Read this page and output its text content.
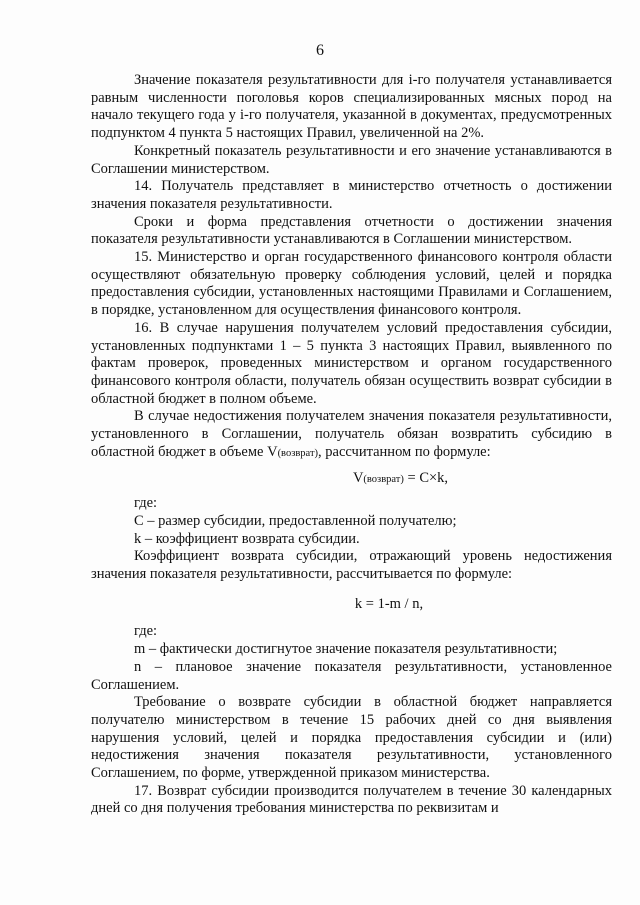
6

Значение показателя результативности для i-го получателя устанавливается равным численности поголовья коров специализированных мясных пород на начало текущего года у i-го получателя, указанной в документах, предусмотренных подпунктом 4 пункта 5 настоящих Правил, увеличенной на 2%.

Конкретный показатель результативности и его значение устанавливаются в Соглашении министерством.

14. Получатель представляет в министерство отчетность о достижении значения показателя результативности.

Сроки и форма представления отчетности о достижении значения показателя результативности устанавливаются в Соглашении министерством.

15. Министерство и орган государственного финансового контроля области осуществляют обязательную проверку соблюдения условий, целей и порядка предоставления субсидии, установленных настоящими Правилами и Соглашением, в порядке, установленном для осуществления финансового контроля.

16. В случае нарушения получателем условий предоставления субсидии, установленных подпунктами 1 – 5 пункта 3 настоящих Правил, выявленного по фактам проверок, проведенных министерством и органом государственного финансового контроля области, получатель обязан осуществить возврат субсидии в областной бюджет в полном объеме.

В случае недостижения получателем значения показателя результативности, установленного в Соглашении, получатель обязан возвратить субсидию в областной бюджет в объеме V(возврат), рассчитанном по формуле:

V(возврат) = C×k,

где:

C – размер субсидии, предоставленной получателю;

k – коэффициент возврата субсидии.

Коэффициент возврата субсидии, отражающий уровень недостижения значения показателя результативности, рассчитывается по формуле:

k = 1-m / n,

где:

m – фактически достигнутое значение показателя результативности;

n – плановое значение показателя результативности, установленное Соглашением.

Требование о возврате субсидии в областной бюджет направляется получателю министерством в течение 15 рабочих дней со дня выявления нарушения условий, целей и порядка предоставления субсидии и (или) недостижения значения показателя результативности, установленного Соглашением, по форме, утвержденной приказом министерства.

17. Возврат субсидии производится получателем в течение 30 календарных дней со дня получения требования министерства по реквизитам и
